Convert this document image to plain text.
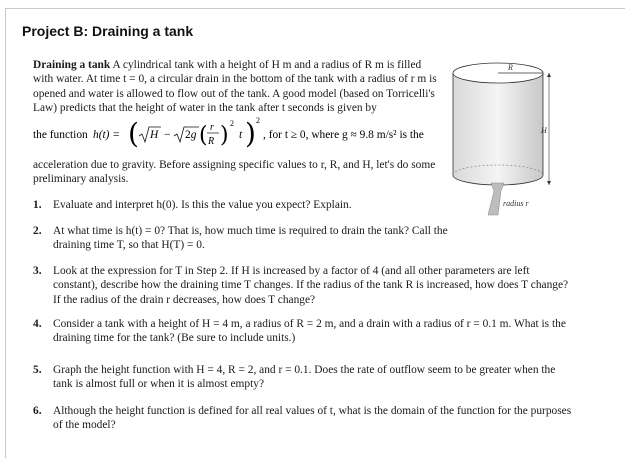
Project B: Draining a tank

Draining a tank A cylindrical tank with a height of H m and a radius of R m is filled with water. At time t = 0, a circular drain in the bottom of the tank with a radius of r m is opened and water is allowed to flow out of the tank. A good model (based on Torricelli's Law) predicts that the height of water in the tank after t seconds is given by

the function h(t) = ( H − 2g ( r
R ) 2
t ) 2
, for t ≥ 0, where g ≈ 9.8 m/s² is the
acceleration due to gravity. Before assigning specific values to r, R, and H, let's do some preliminary analysis.
1. Evaluate and interpret h(0). Is this the value you expect? Explain.
2. At what time is h(t) = 0? That is, how much time is required to drain the tank? Call the draining time T, so that H(T) = 0.
3. Look at the expression for T in Step 2. If H is increased by a factor of 4 (and all other parameters are left constant), describe how the draining time T changes. If the radius of the tank R is increased, how does T change? If the radius of the drain r decreases, how does T change?
4. Consider a tank with a height of H = 4 m, a radius of R = 2 m, and a drain with a radius of r = 0.1 m. What is the draining time for the tank? (Be sure to include units.)
5. Graph the height function with H = 4, R = 2, and r = 0.1. Does the rate of outflow seem to be greater when the tank is almost full or when it is almost empty?
6. Although the height function is defined for all real values of t, what is the domain of the function for the purposes of the model?
R
H
radius r
